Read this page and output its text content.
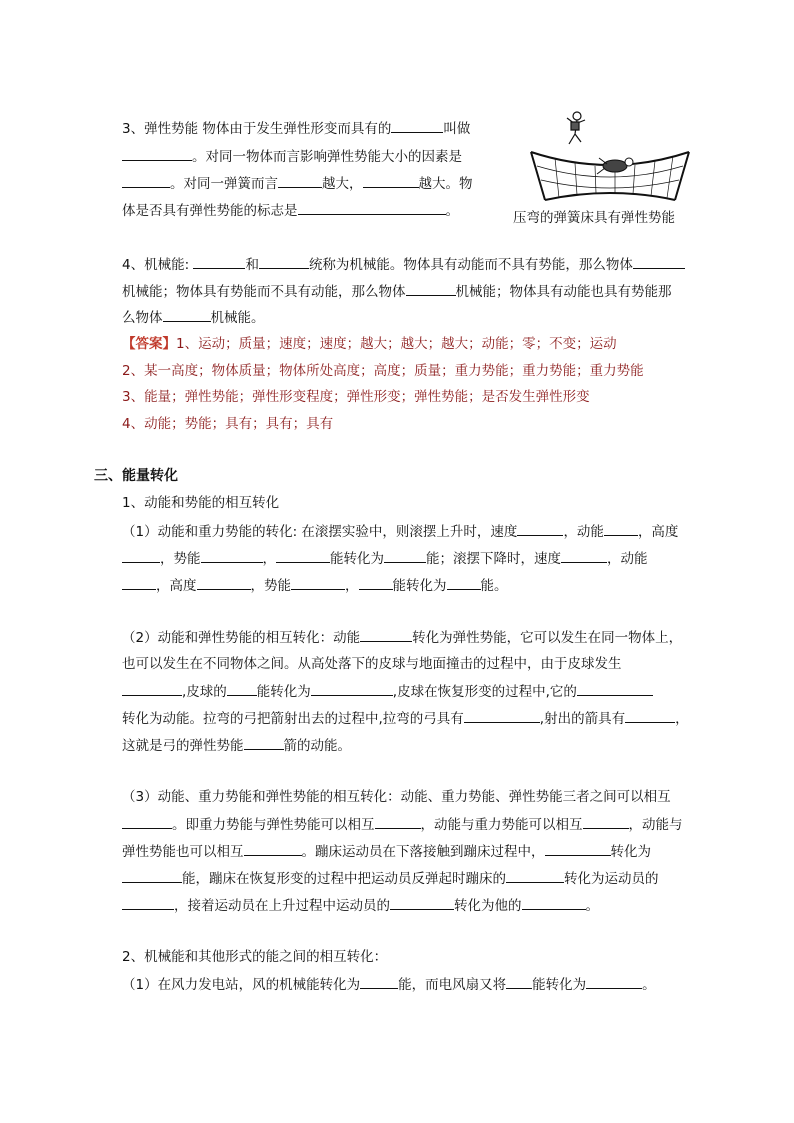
3、弹性势能 物体由于发生弹性形变而具有的	叫做
。对同一物体而言影响弹性势能大小的因素是
。对同一弹簧而言	越大，	越大。物
体是否具有弹性势能的标志是	。	压弯的弹簧床具有弹性势能
4、机械能:	和	统称为机械能。物体具有动能而不具有势能，那么物体
机械能；物体具有势能而不具有动能，那么物体	机械能；物体具有动能也具有势能那
么物体	机械能。
【答案】1、运动；质量；速度；速度；越大；越大；越大；动能；零；不变；运动
2、某一高度；物体质量；物体所处高度；高度；质量；重力势能；重力势能；重力势能
3、能量；弹性势能；弹性形变程度；弹性形变；弹性势能；是否发生弹性形变
4、动能；势能；具有；具有；具有
三、能量转化
1、动能和势能的相互转化
（1）动能和重力势能的转化: 在滚摆实验中，则滚摆上升时，速度	，动能	，高度
，势能	，	能转化为	能；滚摆下降时，速度	，动能
，高度	，势能	，	能转化为	能。
（2）动能和弹性势能的相互转化：动能	转化为弹性势能，它可以发生在同一物体上，
也可以发生在不同物体之间。从高处落下的皮球与地面撞击的过程中，由于皮球发生
,皮球的 能转化为	,皮球在恢复形变的过程中,它的
转化为动能。拉弯的弓把箭射出去的过程中,拉弯的弓具有	,射出的箭具有	，
这就是弓的弹性势能	箭的动能。
（3）动能、重力势能和弹性势能的相互转化：动能、重力势能、弹性势能三者之间可以相互
。即重力势能与弹性势能可以相互	，动能与重力势能可以相互	，动能与
弹性势能也可以相互	。蹦床运动员在下落接触到蹦床过程中，	转化为
能，蹦床在恢复形变的过程中把运动员反弹起时蹦床的	转化为运动员的
，接着运动员在上升过程中运动员的	转化为他的	。
2、机械能和其他形式的能之间的相互转化：
（1）在风力发电站，风的机械能转化为	能，而电风扇又将 能转化为	。
